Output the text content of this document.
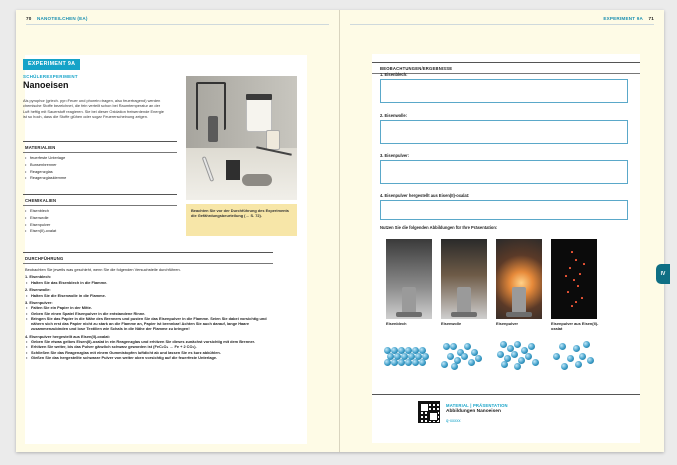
70 NANOTEILCHEN (EA)	EXPERIMENT 9A 71
EXPERIMENT 9A
SCHÜLEREXPERIMENT
Nanoeisen
Als pyrophor (griech. pyr=Feuer und phorein=tragen, also feuertragend) werden chemische Stoffe bezeichnet, die fein verteilt schon bei Raumtemperatur an der Luft heftig mit Sauerstoff reagieren. Sie bei dieser Oxidation freiwerdende Energie ist so hoch, dass die Stoffe glühen oder sogar Feuererscheinung zeigen.
MATERIALIEN
• feuerfeste Unterlage
• Bunsenbrenner
• Reagenzglas
• Reagenzglasklemme
CHEMIKALIEN
• Eisenblech
• Eisenwolle
• Eisenpulver
• Eisen(II)-oxalat
Beachten Sie vor der Durchführung des Experiments die Gefährdungsbeurteilung (→ S. 72).
DURCHFÜHRUNG
Beobachten Sie jeweils was geschieht, wenn Sie die folgenden Versuchsteile durchführen.
1. Eisenblech:
• Halten Sie das Eisenblech in die Flamme.
2. Eisenwolle:
• Halten Sie die Eisenwolle in die Flamme.
3. Eisenpulver:
• Falten Sie ein Papier in der Mitte.
• Geben Sie einen Spatel Eisenpulver in die entstandene Rinne.
• Bringen Sie das Papier in die Nähe des Brenners und pusten Sie das Eisenpulver in die Flamme. Seien Sie dabei vorsichtig und nähern sich erst das Papier nicht zu stark an die Flamme an, Papier ist brennbar! Achten Sie auch darauf, lange Haare zusammenzubinden und lose Textilien wie Schals in die Nähe der Flamme zu bringen!
4. Eisenpulver hergestellt aus Eisen(II)-oxalat:
• Geben Sie etwas gelbes Eisen(II)-oxalat in ein Reagenzglas und erhitzen Sie dieses zunächst vorsichtig mit dem Brenner.
• Erhitzen Sie weiter, bis das Pulver gänzlich schwarz geworden ist (FeC₂O₄ → Fe + 2 CO₂).
• Schließen Sie das Reagenzglas mit einem Gummistopfen luftdicht ab und lassen Sie es kurz abkühlen.
• Gießen Sie das hergestellte schwarze Pulver von weiter oben vorsichtig auf die feuerfeste Unterlage.
BEOBACHTUNGEN/ERGEBNISSE
1. Eisenblech:
2. Eisenwolle:
3. Eisenpulver:
4. Eisenpulver hergestellt aus Eisen(II)-oxalat:
Nutzen Sie die folgenden Abbildungen für Ihre Präsentation:
Eisenblech	Eisenwolle	Eisenpulver	Eisenpulver aus Eisen(II)-oxalat
MATERIAL | PRÄSENTATION
Abbildungen Nanoeisen
q-xxxxx
IV
